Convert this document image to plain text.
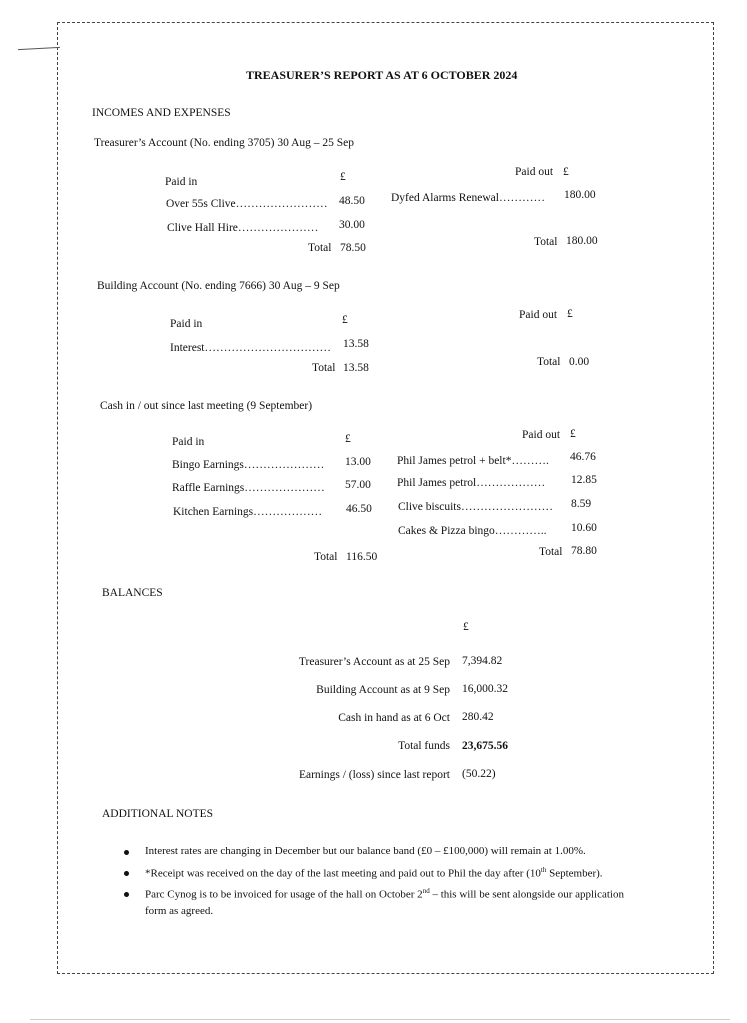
TREASURER’S REPORT AS AT 6 OCTOBER 2024
INCOMES AND EXPENSES
Treasurer’s Account (No. ending 3705) 30 Aug – 25 Sep
Paid in	£
Over 55s Clive…………………… 48.50
Clive Hall Hire………………… 30.00
Total 78.50
Paid out £
Dyfed Alarms Renewal………… 180.00
Total 180.00
Building Account (No. ending 7666) 30 Aug – 9 Sep
Paid in	£
Interest…………………………… 13.58
Total 13.58
Paid out £
Total 0.00
Cash in / out since last meeting (9 September)
Paid in	£
Bingo Earnings………………… 13.00
Raffle Earnings………………… 57.00
Kitchen Earnings……………… 46.50
Total 116.50
Paid out £
Phil James petrol + belt*………. 46.76
Phil James petrol……………… 12.85
Clive biscuits…………………… 8.59
Cakes & Pizza bingo………….. 10.60
Total 78.80
BALANCES
£
Treasurer’s Account as at 25 Sep 7,394.82
Building Account as at 9 Sep 16,000.32
Cash in hand as at 6 Oct 280.42
Total funds 23,675.56
Earnings / (loss) since last report (50.22)
ADDITIONAL NOTES
Interest rates are changing in December but our balance band (£0 – £100,000) will remain at 1.00%.
*Receipt was received on the day of the last meeting and paid out to Phil the day after (10th September).
Parc Cynog is to be invoiced for usage of the hall on October 2nd – this will be sent alongside our application
form as agreed.
